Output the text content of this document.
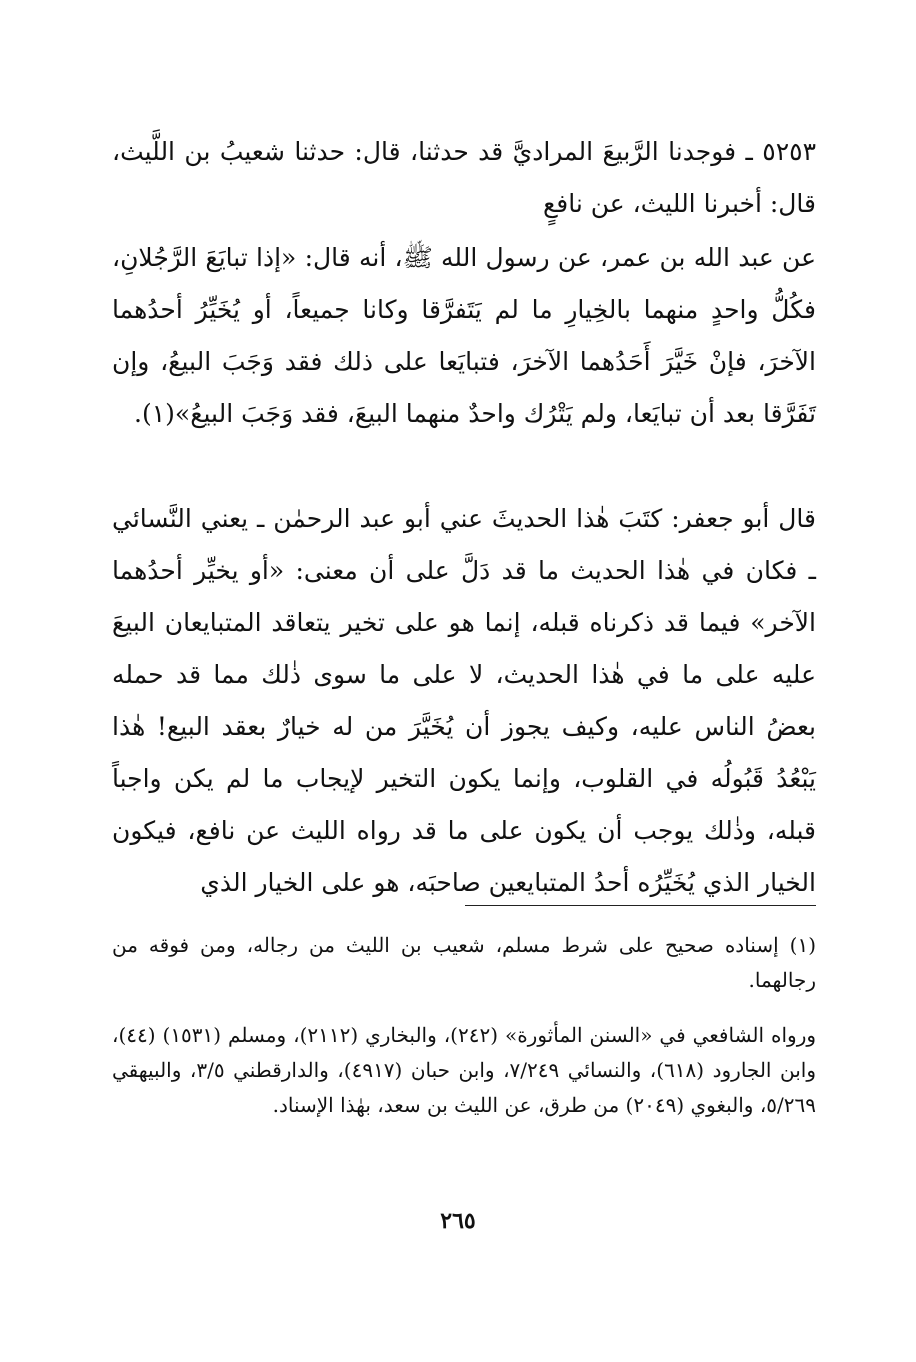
٥٢٥٣ ـ فوجدنا الرَّبيعَ المراديَّ قد حدثنا، قال: حدثنا شعيبُ بن اللَّيث، قال: أخبرنا الليث، عن نافعٍ

عن عبد الله بن عمر، عن رسول الله ﷺ، أنه قال: «إذا تبايَعَ الرَّجُلانِ، فكُلُّ واحدٍ منهما بالخِيارِ ما لم يَتَفرَّقا وكانا جميعاً، أو يُخَيِّرُ أحدُهما الآخرَ، فإنْ خَيَّرَ أَحَدُهما الآخرَ، فتبايَعا على ذلك فقد وَجَبَ البيعُ، وإن تَفَرَّقا بعد أن تبايَعا، ولم يَتْرُك واحدٌ منهما البيعَ، فقد وَجَبَ البيعُ»(١).

قال أبو جعفر: كتَبَ هٰذا الحديثَ عني أبو عبد الرحمٰن ـ يعني النَّسائي ـ فكان في هٰذا الحديث ما قد دَلَّ على أن معنى: «أو يخيِّر أحدُهما الآخر» فيما قد ذكرناه قبله، إنما هو على تخير يتعاقد المتبايعان البيعَ عليه على ما في هٰذا الحديث، لا على ما سوى ذٰلك مما قد حمله بعضُ الناس عليه، وكيف يجوز أن يُخَيَّرَ من له خيارٌ بعقد البيع! هٰذا يَبْعُدُ قَبُولُه في القلوب، وإنما يكون التخير لإيجاب ما لم يكن واجباً قبله، وذٰلك يوجب أن يكون على ما قد رواه الليث عن نافع، فيكون الخيار الذي يُخَيِّرُه أحدُ المتبايعين صاحبَه، هو على الخيار الذي

(١) إسناده صحيح على شرط مسلم، شعيب بن الليث من رجاله، ومن فوقه من رجالهما.

ورواه الشافعي في «السنن المأثورة» (٢٤٢)، والبخاري (٢١١٢)، ومسلم (١٥٣١) (٤٤)، وابن الجارود (٦١٨)، والنسائي ٧/٢٤٩، وابن حبان (٤٩١٧)، والدارقطني ٣/٥، والبيهقي ٥/٢٦٩، والبغوي (٢٠٤٩) من طرق، عن الليث بن سعد، بهٰذا الإسناد.

٢٦٥
